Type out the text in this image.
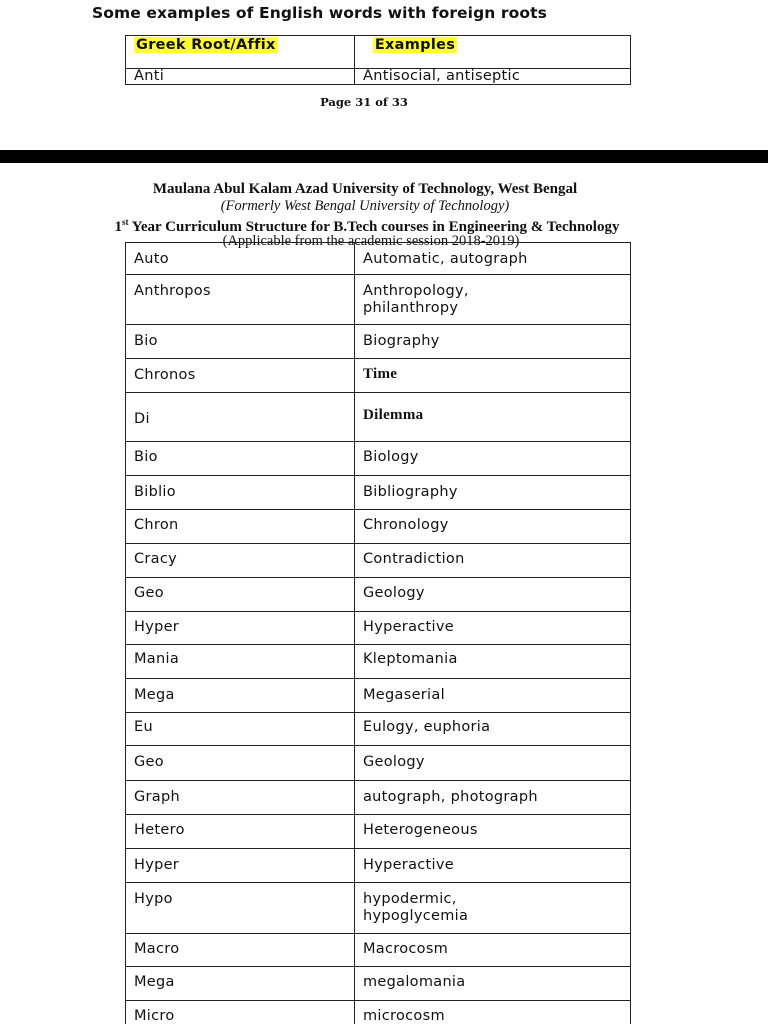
Some examples of English words with foreign roots
Greek Root/Affix	Examples
Anti	Antisocial, antiseptic
Page 31 of 33
Maulana Abul Kalam Azad University of Technology, West Bengal
(Formerly West Bengal University of Technology)
1st Year Curriculum Structure for B.Tech courses in Engineering & Technology
(Applicable from the academic session 2018-2019)
Auto	Automatic, autograph

Anthropos	Anthropology,
philanthropy

Bio	Biography

Chronos	Time

Di	Dilemma

Bio	Biology

Biblio	Bibliography

Chron	Chronology

Cracy	Contradiction

Geo	Geology

Hyper	Hyperactive

Mania	Kleptomania

Mega	Megaserial

Eu	Eulogy, euphoria

Geo	Geology

Graph	autograph, photograph

Hetero	Heterogeneous

Hyper	Hyperactive

Hypo	hypodermic,
hypoglycemia

Macro	Macrocosm

Mega	megalomania

Micro	microcosm
